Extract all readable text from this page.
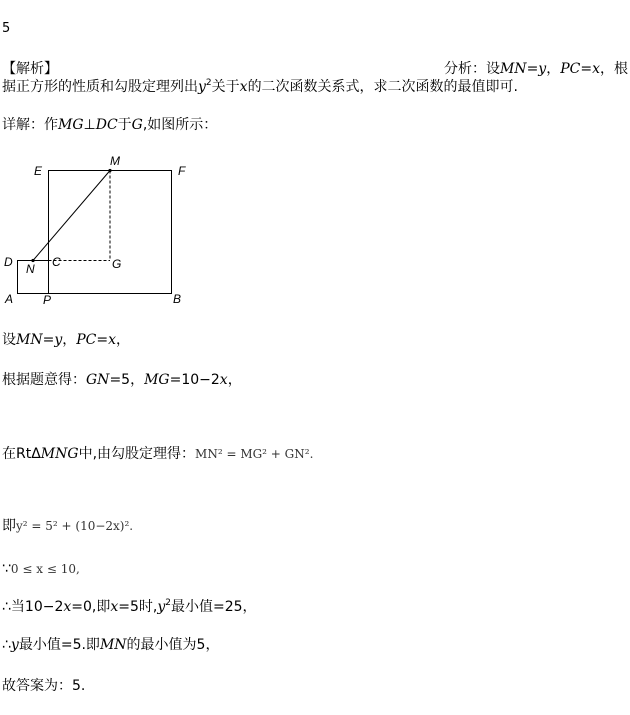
5
【解析】	分析：设MN=y，PC=x，根
据正方形的性质和勾股定理列出$y^2$关于x的二次函数关系式，求二次函数的最值即可.
详解：作MG⊥DC于G,如图所示：
E
M
F
D N C	G
A P	B
设MN=y，PC=x，
根据题意得：GN=5，MG=10−2x，
在RtΔMNG中,由勾股定理得：MN² = MG² + GN².
即y² = 5² + (10−2x)².
∵0 ≤ x ≤ 10,
∴当10−2x=0,即x=5时$,y^2$最小值=25，
∴y最小值=5.即MN的最小值为5，
故答案为：5.
